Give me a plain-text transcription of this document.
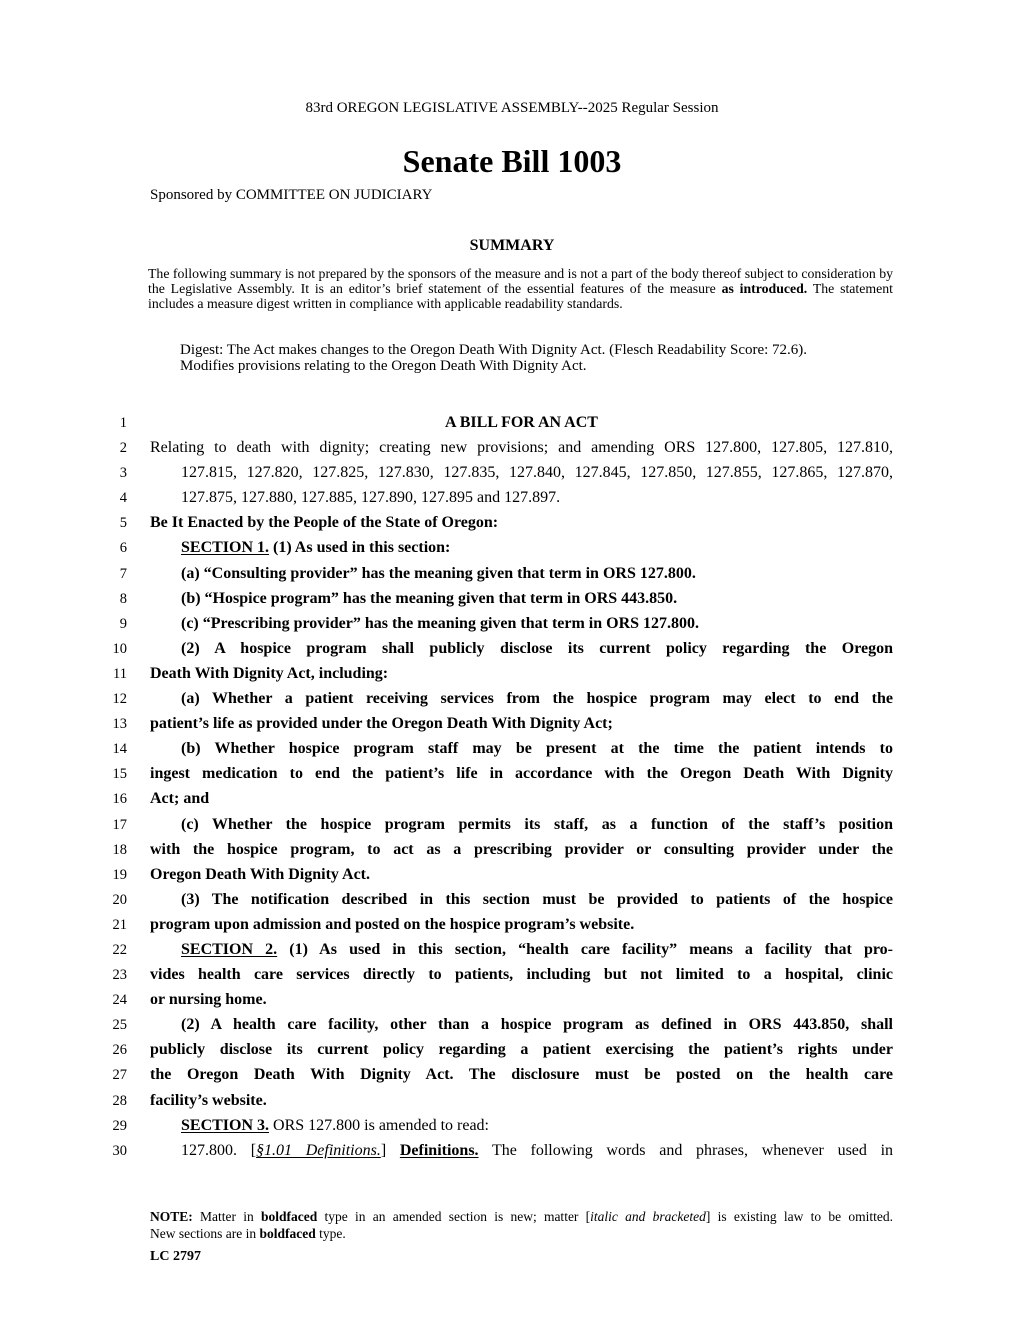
83rd OREGON LEGISLATIVE ASSEMBLY--2025 Regular Session
Senate Bill 1003
Sponsored by COMMITTEE ON JUDICIARY
SUMMARY
The following summary is not prepared by the sponsors of the measure and is not a part of the body thereof subject to consideration by the Legislative Assembly. It is an editor’s brief statement of the essential features of the measure as introduced. The statement includes a measure digest written in compliance with applicable readability standards.

Digest: The Act makes changes to the Oregon Death With Dignity Act. (Flesch Readability Score: 72.6).

Modifies provisions relating to the Oregon Death With Dignity Act.

1	A BILL FOR AN ACT
2 Relating to death with dignity; creating new provisions; and amending ORS 127.800, 127.805, 127.810,
3	127.815, 127.820, 127.825, 127.830, 127.835, 127.840, 127.845, 127.850, 127.855, 127.865, 127.870,
4	127.875, 127.880, 127.885, 127.890, 127.895 and 127.897.
5 Be It Enacted by the People of the State of Oregon:
6	SECTION 1. (1) As used in this section:
7	(a) “Consulting provider” has the meaning given that term in ORS 127.800.
8	(b) “Hospice program” has the meaning given that term in ORS 443.850.
9	(c) “Prescribing provider” has the meaning given that term in ORS 127.800.
10	(2) A hospice program shall publicly disclose its current policy regarding the Oregon
11 Death With Dignity Act, including:
12	(a) Whether a patient receiving services from the hospice program may elect to end the
13 patient’s life as provided under the Oregon Death With Dignity Act;
14	(b) Whether hospice program staff may be present at the time the patient intends to
15 ingest medication to end the patient’s life in accordance with the Oregon Death With Dignity
16 Act; and
17	(c) Whether the hospice program permits its staff, as a function of the staff’s position
18 with the hospice program, to act as a prescribing provider or consulting provider under the
19 Oregon Death With Dignity Act.
20	(3) The notification described in this section must be provided to patients of the hospice
21 program upon admission and posted on the hospice program’s website.
22	SECTION 2. (1) As used in this section, “health care facility” means a facility that pro-
23 vides health care services directly to patients, including but not limited to a hospital, clinic
24 or nursing home.
25	(2) A health care facility, other than a hospice program as defined in ORS 443.850, shall
26 publicly disclose its current policy regarding a patient exercising the patient’s rights under
27 the Oregon Death With Dignity Act. The disclosure must be posted on the health care
28 facility’s website.
29	SECTION 3. ORS 127.800 is amended to read:
30	127.800. [§1.01 Definitions.] Definitions. The following words and phrases, whenever used in
NOTE: Matter in boldfaced type in an amended section is new; matter [italic and bracketed] is existing law to be omitted.
New sections are in boldfaced type.
LC 2797
